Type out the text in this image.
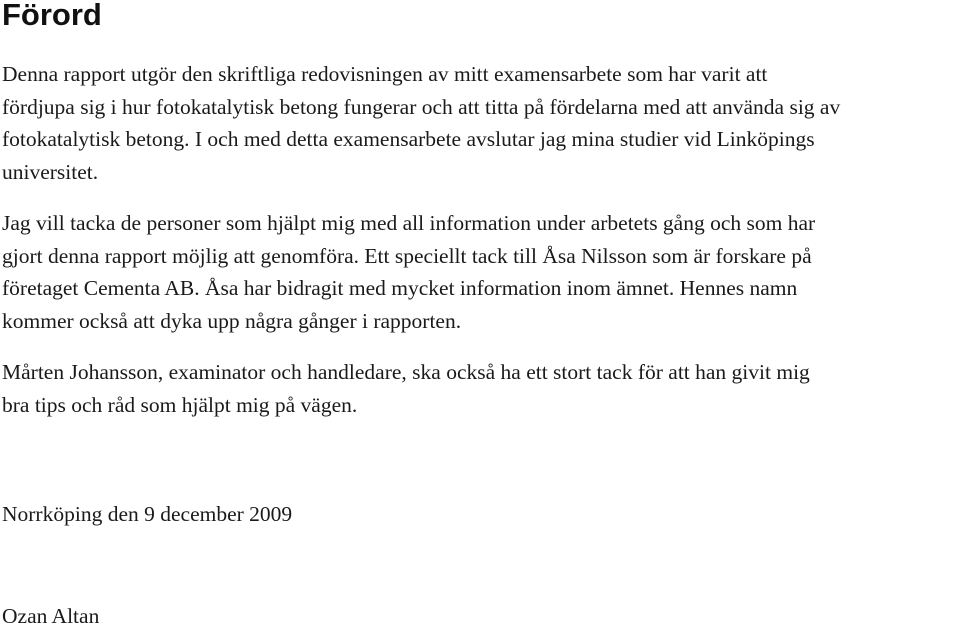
Förord

Denna rapport utgör den skriftliga redovisningen av mitt examensarbete som har varit att
fördjupa sig i hur fotokatalytisk betong fungerar och att titta på fördelarna med att använda sig av
fotokatalytisk betong. I och med detta examensarbete avslutar jag mina studier vid Linköpings
universitet.

Jag vill tacka de personer som hjälpt mig med all information under arbetets gång och som har
gjort denna rapport möjlig att genomföra. Ett speciellt tack till Åsa Nilsson som är forskare på
företaget Cementa AB. Åsa har bidragit med mycket information inom ämnet. Hennes namn
kommer också att dyka upp några gånger i rapporten.

Mårten Johansson, examinator och handledare, ska också ha ett stort tack för att han givit mig
bra tips och råd som hjälpt mig på vägen.

Norrköping den 9 december 2009

Ozan Altan
